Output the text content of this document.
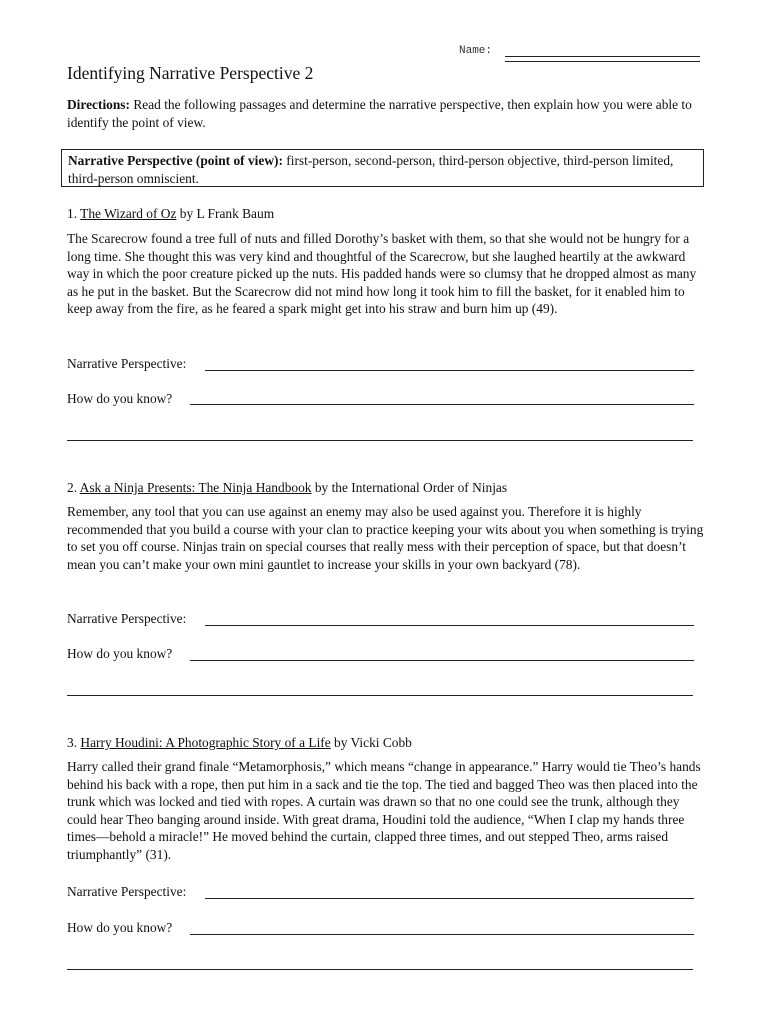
Name:
Identifying Narrative Perspective 2
Directions: Read the following passages and determine the narrative perspective, then explain how you were able to identify the point of view.
Narrative Perspective (point of view): first-person, second-person, third-person objective, third-person limited, third-person omniscient.
1. The Wizard of Oz by L Frank Baum
The Scarecrow found a tree full of nuts and filled Dorothy’s basket with them, so that she would not be hungry for a long time. She thought this was very kind and thoughtful of the Scarecrow, but she laughed heartily at the awkward way in which the poor creature picked up the nuts. His padded hands were so clumsy that he dropped almost as many as he put in the basket. But the Scarecrow did not mind how long it took him to fill the basket, for it enabled him to keep away from the fire, as he feared a spark might get into his straw and burn him up (49).
Narrative Perspective:
How do you know?
2. Ask a Ninja Presents: The Ninja Handbook by the International Order of Ninjas
Remember, any tool that you can use against an enemy may also be used against you. Therefore it is highly recommended that you build a course with your clan to practice keeping your wits about you when something is trying to set you off course. Ninjas train on special courses that really mess with their perception of space, but that doesn’t mean you can’t make your own mini gauntlet to increase your skills in your own backyard (78).
Narrative Perspective:
How do you know?
3. Harry Houdini: A Photographic Story of a Life by Vicki Cobb
Harry called their grand finale “Metamorphosis,” which means “change in appearance.” Harry would tie Theo’s hands behind his back with a rope, then put him in a sack and tie the top. The tied and bagged Theo was then placed into the trunk which was locked and tied with ropes. A curtain was drawn so that no one could see the trunk, although they could hear Theo banging around inside. With great drama, Houdini told the audience, “When I clap my hands three times—behold a miracle!” He moved behind the curtain, clapped three times, and out stepped Theo, arms raised triumphantly” (31).
Narrative Perspective:
How do you know?
